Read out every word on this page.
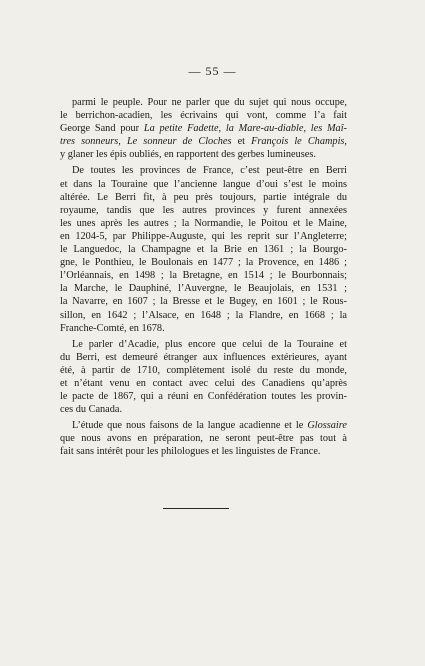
— 55 —

parmi le peuple. Pour ne parler que du sujet qui nous occupe,
le berrichon-acadien, les écrivains qui vont, comme l’a fait
George Sand pour La petite Fadette, la Mare-au-diable, les Maî-
tres sonneurs, Le sonneur de Cloches et François le Champis,
y glaner les épis oubliés, en rapportent des gerbes lumineuses.

De toutes les provinces de France, c’est peut-être en Berri
et dans la Touraine que l’ancienne langue d’oui s’est le moins
altérée. Le Berri fit, à peu près toujours, partie intégrale du
royaume, tandis que les autres provinces y furent annexées
les unes après les autres ; la Normandie, le Poitou et le Maine,
en 1204-5, par Philippe-Auguste, qui les reprit sur l’Angleterre;
le Languedoc, la Champagne et la Brie en 1361 ; la Bourgo-
gne, le Ponthieu, le Boulonais en 1477 ; la Provence, en 1486 ;
l’Orléannais, en 1498 ; la Bretagne, en 1514 ; le Bourbonnais;
la Marche, le Dauphiné, l’Auvergne, le Beaujolais, en 1531 ;
la Navarre, en 1607 ; la Bresse et le Bugey, en 1601 ; le Rous-
sillon, en 1642 ; l’Alsace, en 1648 ; la Flandre, en 1668 ; la
Franche-Comté, en 1678.

Le parler d’Acadie, plus encore que celui de la Touraine et
du Berri, est demeuré étranger aux influences extérieures, ayant
été, à partir de 1710, complètement isolé du reste du monde,
et n’étant venu en contact avec celui des Canadiens qu’après
le pacte de 1867, qui a réuni en Confédération toutes les provin-
ces du Canada.

L’étude que nous faisons de la langue acadienne et le Glossaire
que nous avons en préparation, ne seront peut-être pas tout à
fait sans intérêt pour les philologues et les linguistes de France.
